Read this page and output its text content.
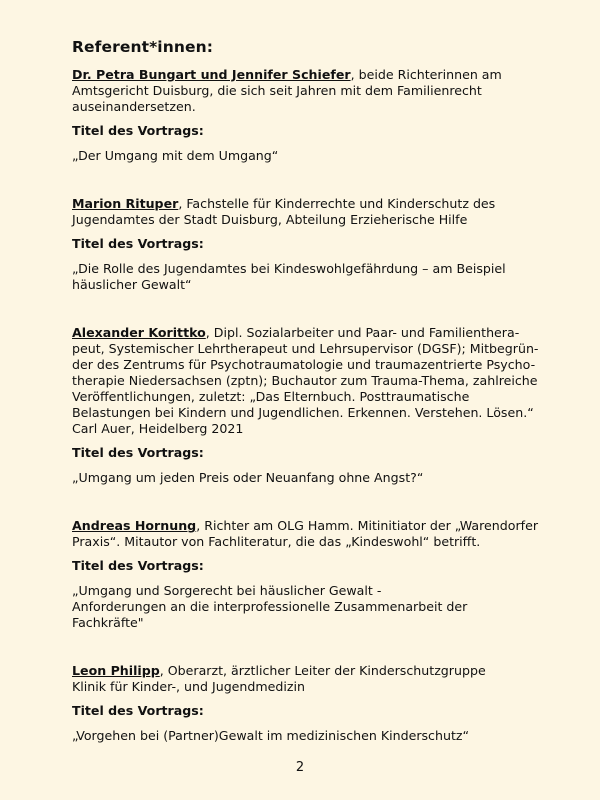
Referent*innen:

Dr. Petra Bungart und Jennifer Schiefer, beide Richterinnen am Amtsgericht Duisburg, die sich seit Jahren mit dem Familienrecht auseinandersetzen.

Titel des Vortrags:

„Der Umgang mit dem Umgang“

Marion Rituper, Fachstelle für Kinderrechte und Kinderschutz des Jugendamtes der Stadt Duisburg, Abteilung Erzieherische Hilfe

Titel des Vortrags:

„Die Rolle des Jugendamtes bei Kindeswohlgefährdung – am Beispiel häuslicher Gewalt“

Alexander Korittko, Dipl. Sozialarbeiter und Paar- und Familienthera-peut, Systemischer Lehrtherapeut und Lehrsupervisor (DGSF); Mitbegrün-der des Zentrums für Psychotraumatologie und traumazentrierte Psycho-therapie Niedersachsen (zptn); Buchautor zum Trauma-Thema, zahlreiche Veröffentlichungen, zuletzt: „Das Elternbuch. Posttraumatische Belastungen bei Kindern und Jugendlichen. Erkennen. Verstehen. Lösen.“ Carl Auer, Heidelberg 2021

Titel des Vortrags:

„Umgang um jeden Preis oder Neuanfang ohne Angst?“

Andreas Hornung, Richter am OLG Hamm. Mitinitiator der „Warendorfer Praxis“. Mitautor von Fachliteratur, die das „Kindeswohl“ betrifft.

Titel des Vortrags:

„Umgang und Sorgerecht bei häuslicher Gewalt -
Anforderungen an die interprofessionelle Zusammenarbeit der Fachkräfte"

Leon Philipp, Oberarzt, ärztlicher Leiter der Kinderschutzgruppe
Klinik für Kinder-, und Jugendmedizin

Titel des Vortrags:

„Vorgehen bei (Partner)Gewalt im medizinischen Kinderschutz“

2
